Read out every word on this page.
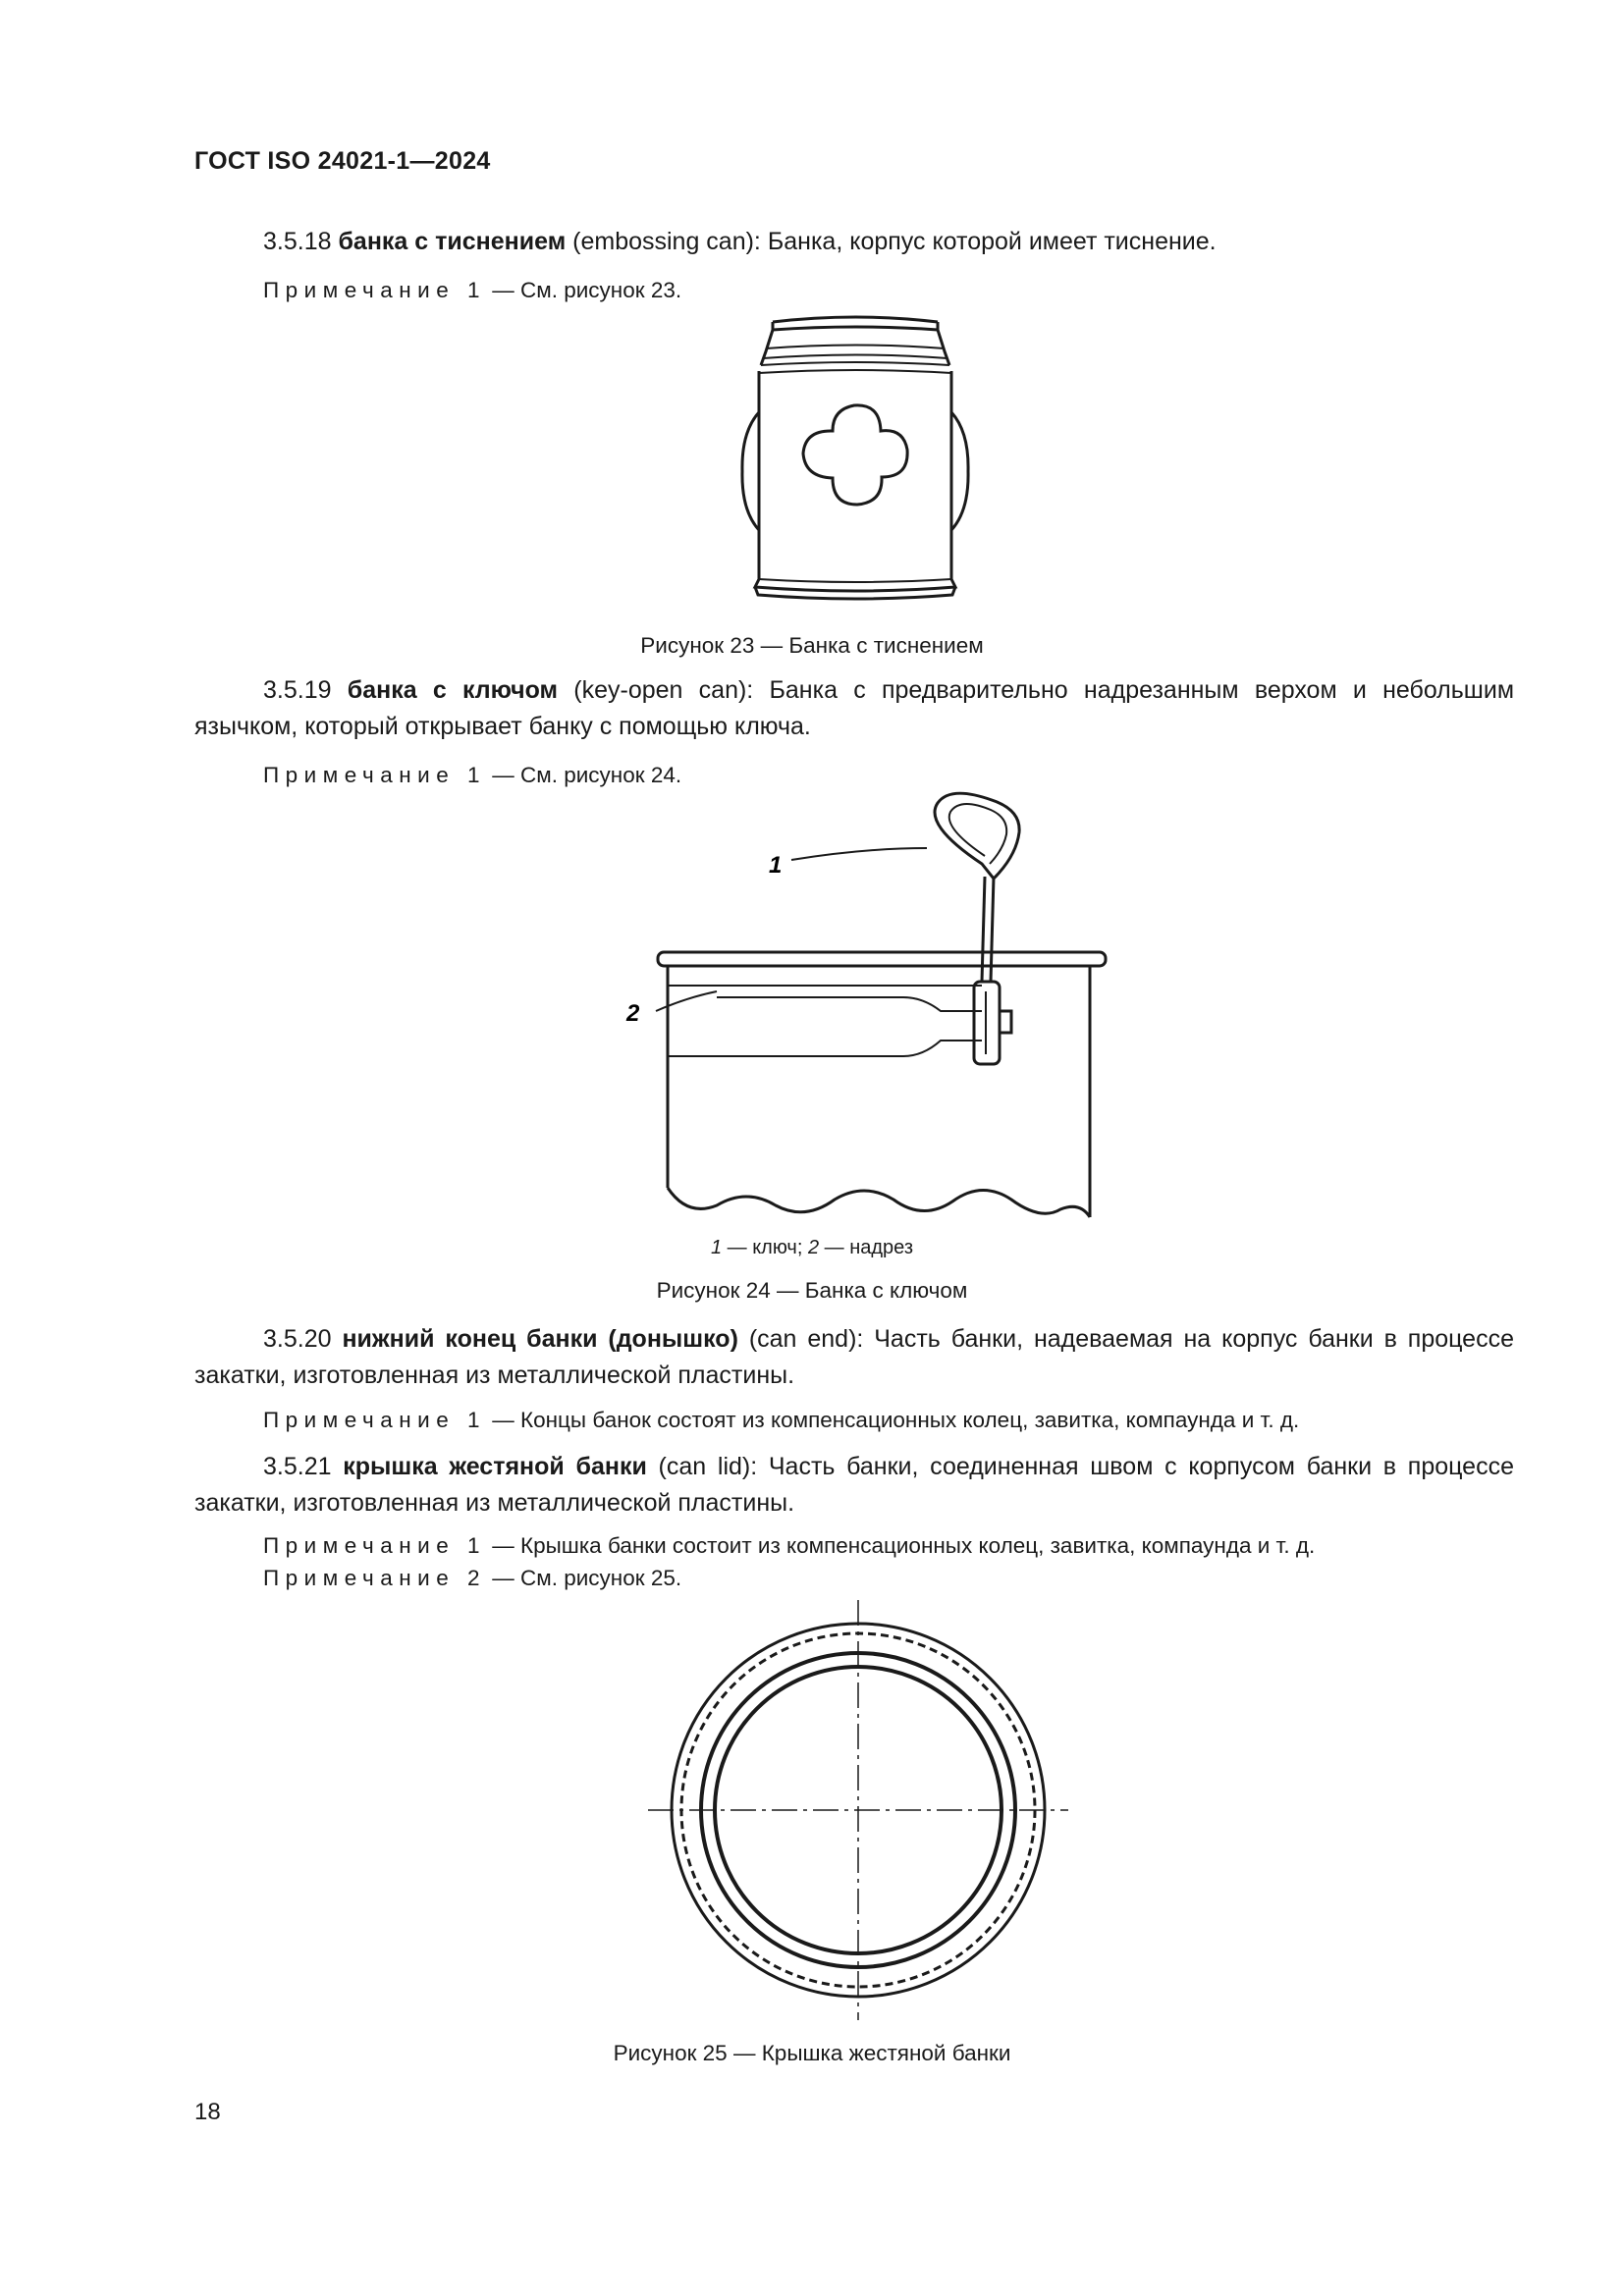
ГОСТ ISO 24021-1—2024
3.5.18 банка с тиснением (embossing can): Банка, корпус которой имеет тиснение.
Примечание 1 — См. рисунок 23.
Рисунок 23 — Банка с тиснением
3.5.19 банка с ключом (key-open can): Банка с предварительно надрезанным верхом и небольшим язычком, который открывает банку с помощью ключа.
Примечание 1 — См. рисунок 24.
1
2
1 — ключ; 2 — надрез
Рисунок 24 — Банка с ключом
3.5.20 нижний конец банки (донышко) (can end): Часть банки, надеваемая на корпус банки в процессе закатки, изготовленная из металлической пластины.
Примечание 1 — Концы банок состоят из компенсационных колец, завитка, компаунда и т. д.
3.5.21 крышка жестяной банки (can lid): Часть банки, соединенная швом с корпусом банки в процессе закатки, изготовленная из металлической пластины.
Примечание 1 — Крышка банки состоит из компенсационных колец, завитка, компаунда и т. д.
Примечание 2 — См. рисунок 25.
Рисунок 25 — Крышка жестяной банки
18
